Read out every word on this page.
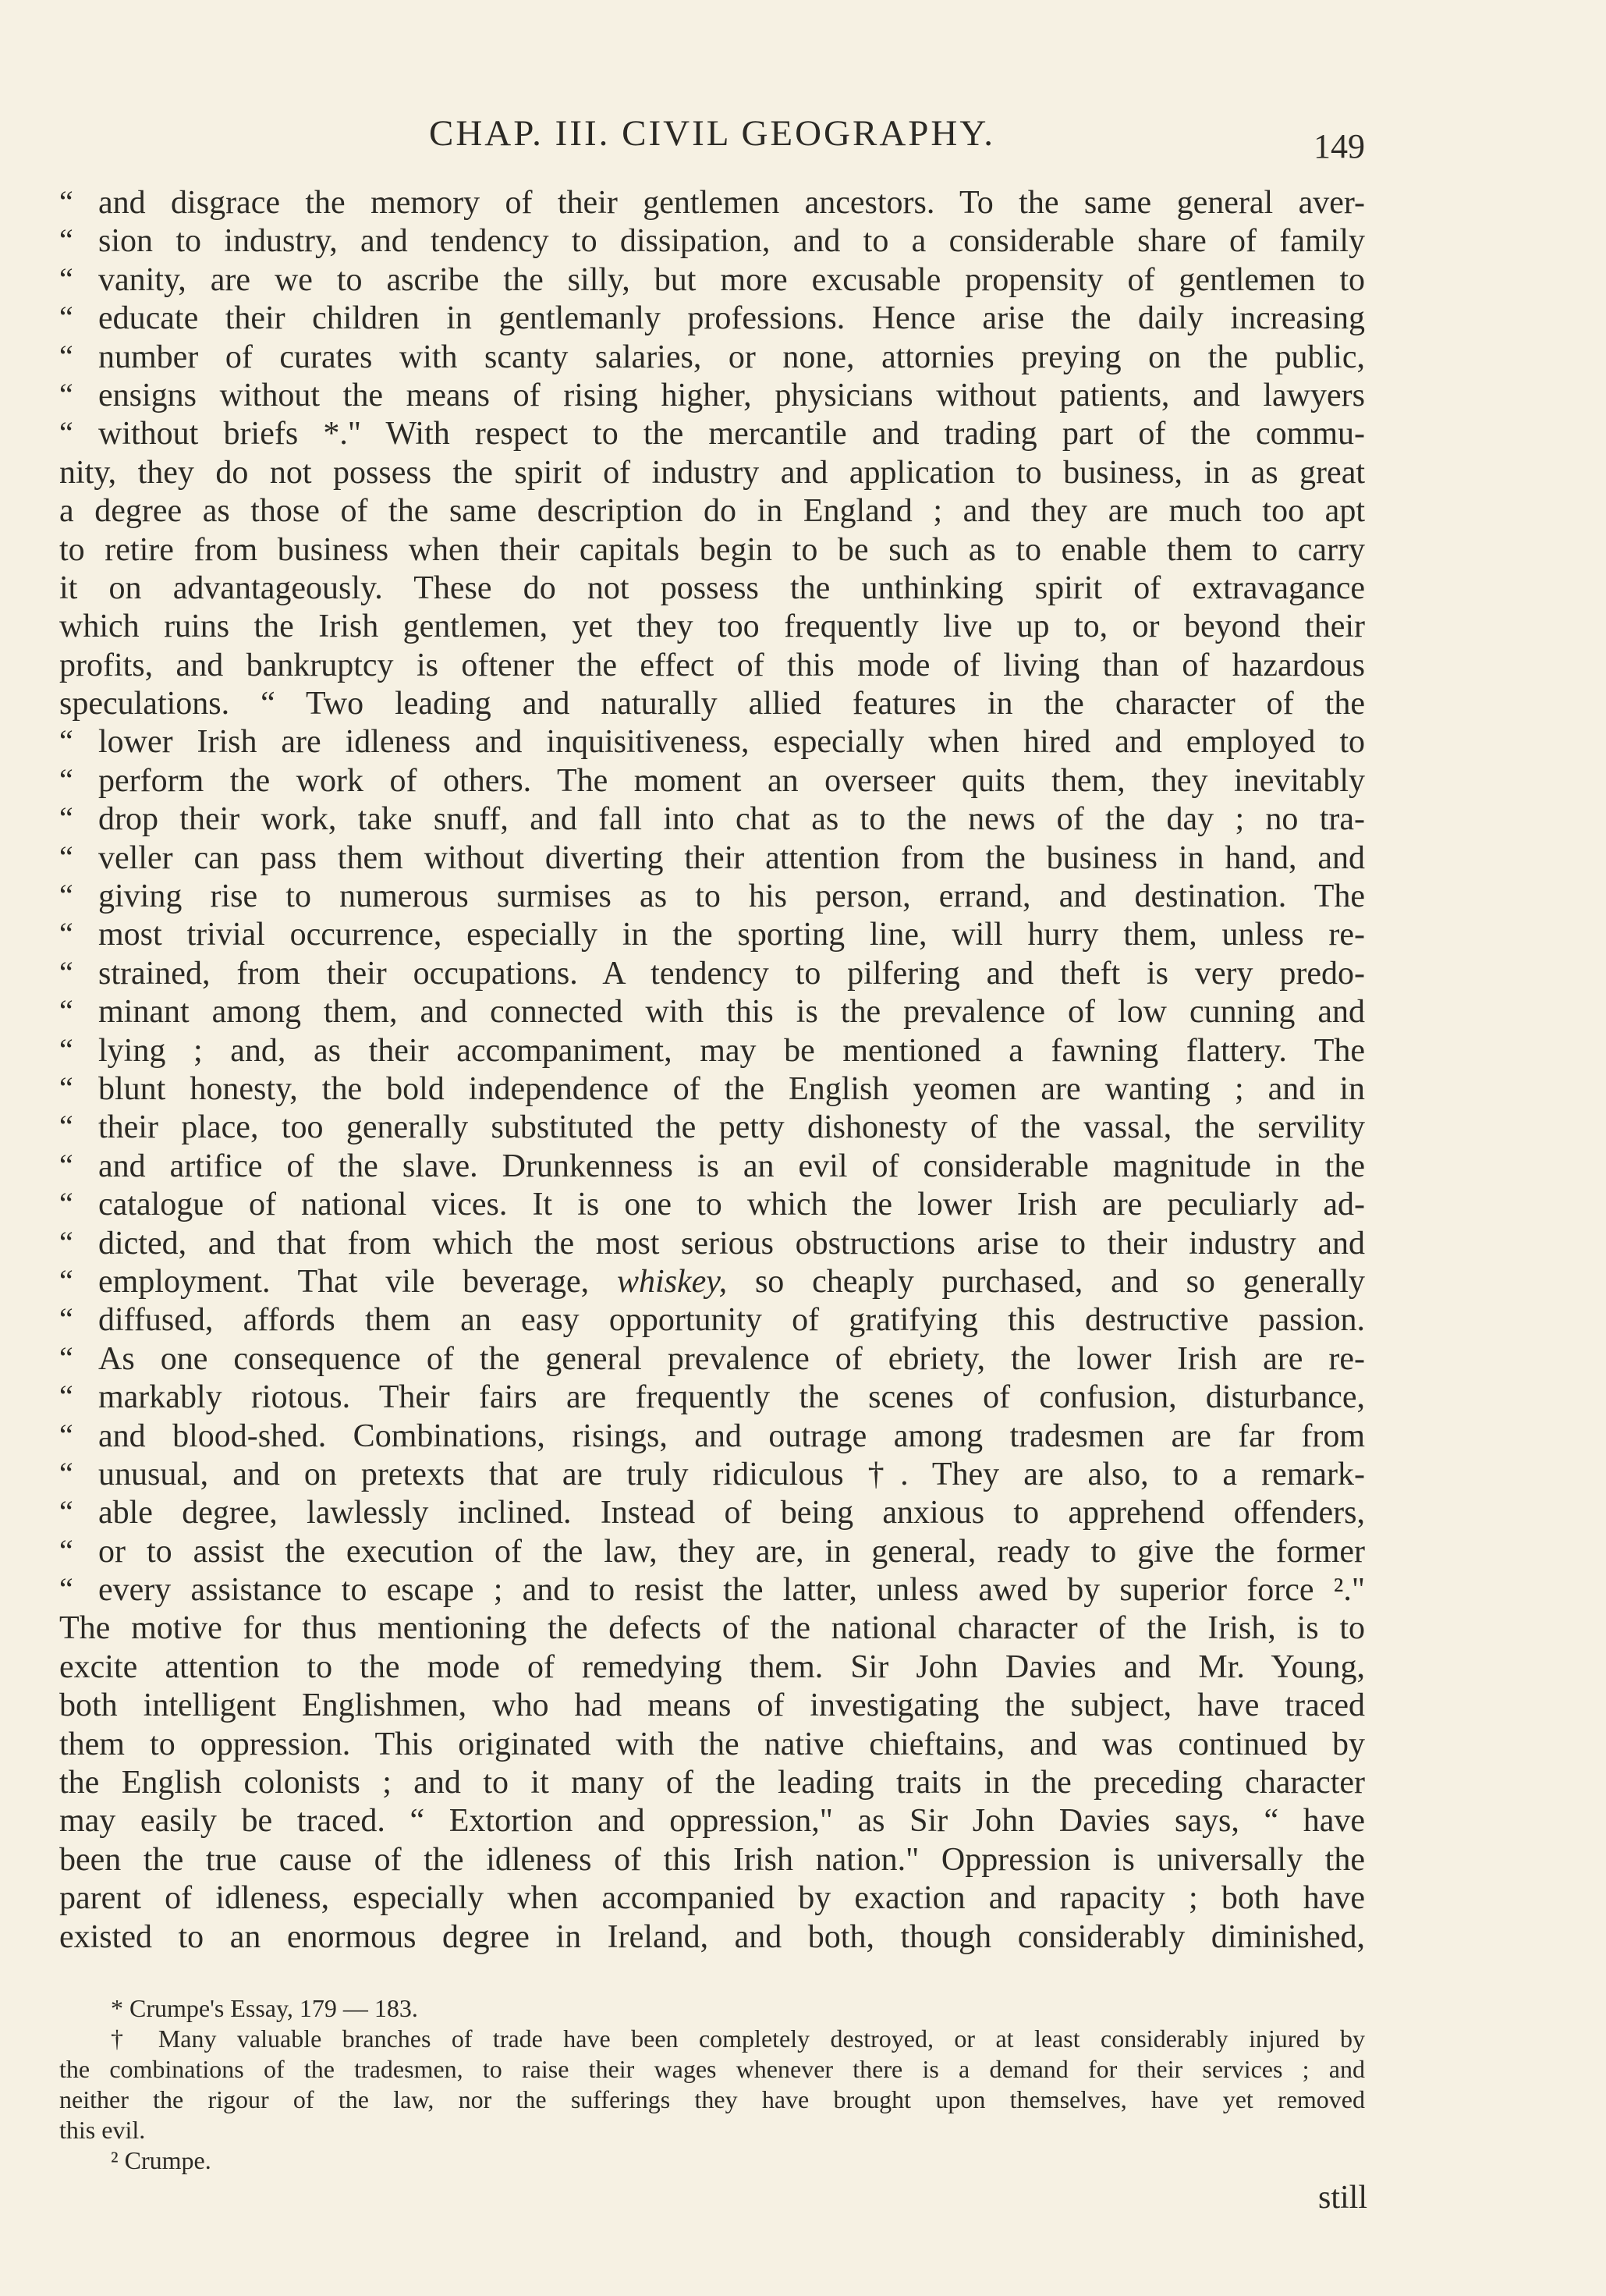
CHAP. III. CIVIL GEOGRAPHY.	149
“ and disgrace the memory of their gentlemen ancestors. To the same general aver-
“ sion to industry, and tendency to dissipation, and to a considerable share of family
“ vanity, are we to ascribe the silly, but more excusable propensity of gentlemen to
“ educate their children in gentlemanly professions. Hence arise the daily increasing
“ number of curates with scanty salaries, or none, attornies preying on the public,
“ ensigns without the means of rising higher, physicians without patients, and lawyers
“ without briefs *." With respect to the mercantile and trading part of the commu-
nity, they do not possess the spirit of industry and application to business, in as great
a degree as those of the same description do in England ; and they are much too apt
to retire from business when their capitals begin to be such as to enable them to carry
it on advantageously. These do not possess the unthinking spirit of extravagance
which ruins the Irish gentlemen, yet they too frequently live up to, or beyond their
profits, and bankruptcy is oftener the effect of this mode of living than of hazardous
speculations. “ Two leading and naturally allied features in the character of the
“ lower Irish are idleness and inquisitiveness, especially when hired and employed to
“ perform the work of others. The moment an overseer quits them, they inevitably
“ drop their work, take snuff, and fall into chat as to the news of the day ; no tra-
“ veller can pass them without diverting their attention from the business in hand, and
“ giving rise to numerous surmises as to his person, errand, and destination. The
“ most trivial occurrence, especially in the sporting line, will hurry them, unless re-
“ strained, from their occupations. A tendency to pilfering and theft is very predo-
“ minant among them, and connected with this is the prevalence of low cunning and
“ lying ; and, as their accompaniment, may be mentioned a fawning flattery. The
“ blunt honesty, the bold independence of the English yeomen are wanting ; and in
“ their place, too generally substituted the petty dishonesty of the vassal, the servility
“ and artifice of the slave. Drunkenness is an evil of considerable magnitude in the
“ catalogue of national vices. It is one to which the lower Irish are peculiarly ad-
“ dicted, and that from which the most serious obstructions arise to their industry and
“ employment. That vile beverage, whiskey, so cheaply purchased, and so generally
“ diffused, affords them an easy opportunity of gratifying this destructive passion.
“ As one consequence of the general prevalence of ebriety, the lower Irish are re-
“ markably riotous. Their fairs are frequently the scenes of confusion, disturbance,
“ and blood-shed. Combinations, risings, and outrage among tradesmen are far from
“ unusual, and on pretexts that are truly ridiculous †. They are also, to a remark-
“ able degree, lawlessly inclined. Instead of being anxious to apprehend offenders,
“ or to assist the execution of the law, they are, in general, ready to give the former
“ every assistance to escape ; and to resist the latter, unless awed by superior force ²."
The motive for thus mentioning the defects of the national character of the Irish, is to
excite attention to the mode of remedying them. Sir John Davies and Mr. Young,
both intelligent Englishmen, who had means of investigating the subject, have traced
them to oppression. This originated with the native chieftains, and was continued by
the English colonists ; and to it many of the leading traits in the preceding character
may easily be traced. “ Extortion and oppression," as Sir John Davies says, “ have
been the true cause of the idleness of this Irish nation." Oppression is universally the
parent of idleness, especially when accompanied by exaction and rapacity ; both have
existed to an enormous degree in Ireland, and both, though considerably diminished,
* Crumpe's Essay, 179 — 183.
† Many valuable branches of trade have been completely destroyed, or at least considerably injured by
the combinations of the tradesmen, to raise their wages whenever there is a demand for their services ; and
neither the rigour of the law, nor the sufferings they have brought upon themselves, have yet removed
this evil.
² Crumpe.
still
